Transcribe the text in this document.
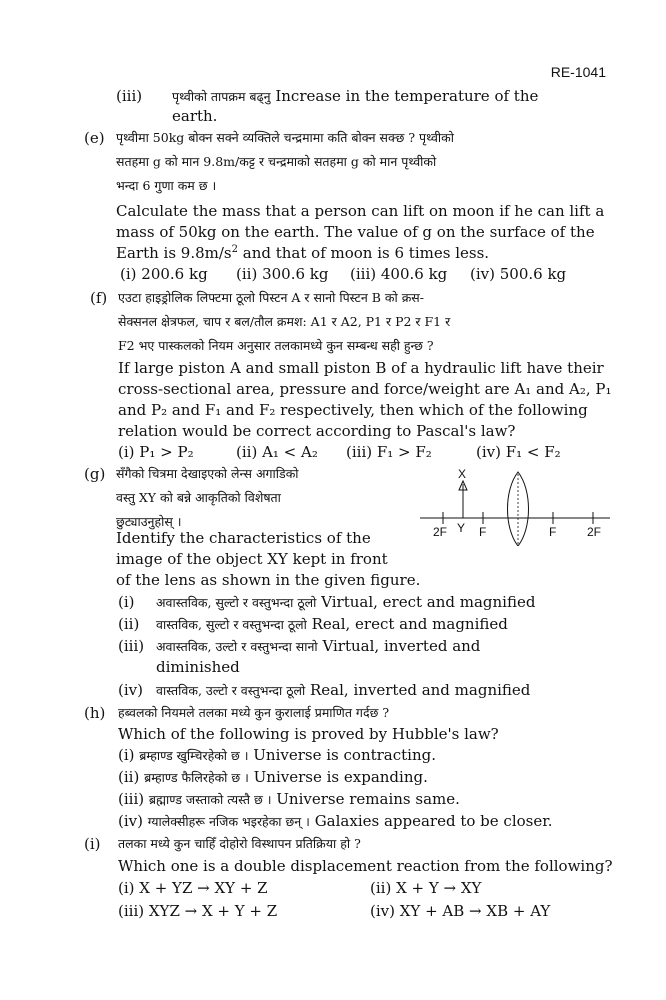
RE-1041
(iii) पृथ्वीको तापक्रम बढ्नु Increase in the temperature of the
earth.
(e) पृथ्वीमा 50kg बोक्न सक्ने व्यक्तिले चन्द्रमामा कति बोक्न सक्छ ? पृथ्वीको
सतहमा g को मान 9.8m/कट्ट र चन्द्रमाको सतहमा g को मान पृथ्वीको
भन्दा 6 गुणा कम छ ।
Calculate the mass that a person can lift on moon if he can lift a
mass of 50kg on the earth. The value of g on the surface of the
Earth is $9.8m/s^2$ and that of moon is 6 times less.
(i) 200.6 kg (ii) 300.6 kg (iii) 400.6 kg (iv) 500.6 kg
(f) एउटा हाइड्रोलिक लिफ्टमा ठूलो पिस्टन A र सानो पिस्टन B को क्रस-
सेक्सनल क्षेत्रफल, चाप र बल/तौल क्रमश: A1 र A2, P1 र P2 र F1 र
F2 भए पास्कलको नियम अनुसार तलकामध्ये कुन सम्बन्ध सही हुन्छ ?
If large piston A and small piston B of a hydraulic lift have their
cross-sectional area, pressure and force/weight are A₁ and A₂, P₁
and P₂ and F₁ and F₂ respectively, then which of the following
relation would be correct according to Pascal's law?
(i) P₁ > P₂	(ii) A₁ < A₂ (iii) F₁ > F₂	(iv) F₁ < F₂
(g) सँगैको चित्रमा देखाइएको लेन्स अगाडिको
वस्तु XY को बन्ने आकृतिको विशेषता
छुट्याउनुहोस् ।
Identify the characteristics of the
image of the object XY kept in front
of the lens as shown in the given figure.
X
2F Y F	F	2F
(i) अवास्तविक, सुल्टो र वस्तुभन्दा ठूलो Virtual, erect and magnified
(ii) वास्तविक, सुल्टो र वस्तुभन्दा ठूलो Real, erect and magnified
(iii) अवास्तविक, उल्टो र वस्तुभन्दा सानो Virtual, inverted and
diminished
(iv) वास्तविक, उल्टो र वस्तुभन्दा ठूलो Real, inverted and magnified
(h) हब्वलको नियमले तलका मध्ये कुन कुरालाई प्रमाणित गर्दछ ?
Which of the following is proved by Hubble's law?
(i) ब्रम्हाण्ड खुम्चिरहेको छ । Universe is contracting.
(ii) ब्रम्हाण्ड फैलिरहेको छ । Universe is expanding.
(iii) ब्रह्माण्ड जस्ताको त्यस्तै छ । Universe remains same.
(iv) ग्यालेक्सीहरू नजिक भइरहेका छन् । Galaxies appeared to be closer.
(i) तलका मध्ये कुन चाहिँ दोहोरो विस्थापन प्रतिक्रिया हो ?
Which one is a double displacement reaction from the following?
(i) X + YZ → XY + Z	(ii) X + Y → XY
(iii) XYZ → X + Y + Z	(iv) XY + AB → XB + AY
